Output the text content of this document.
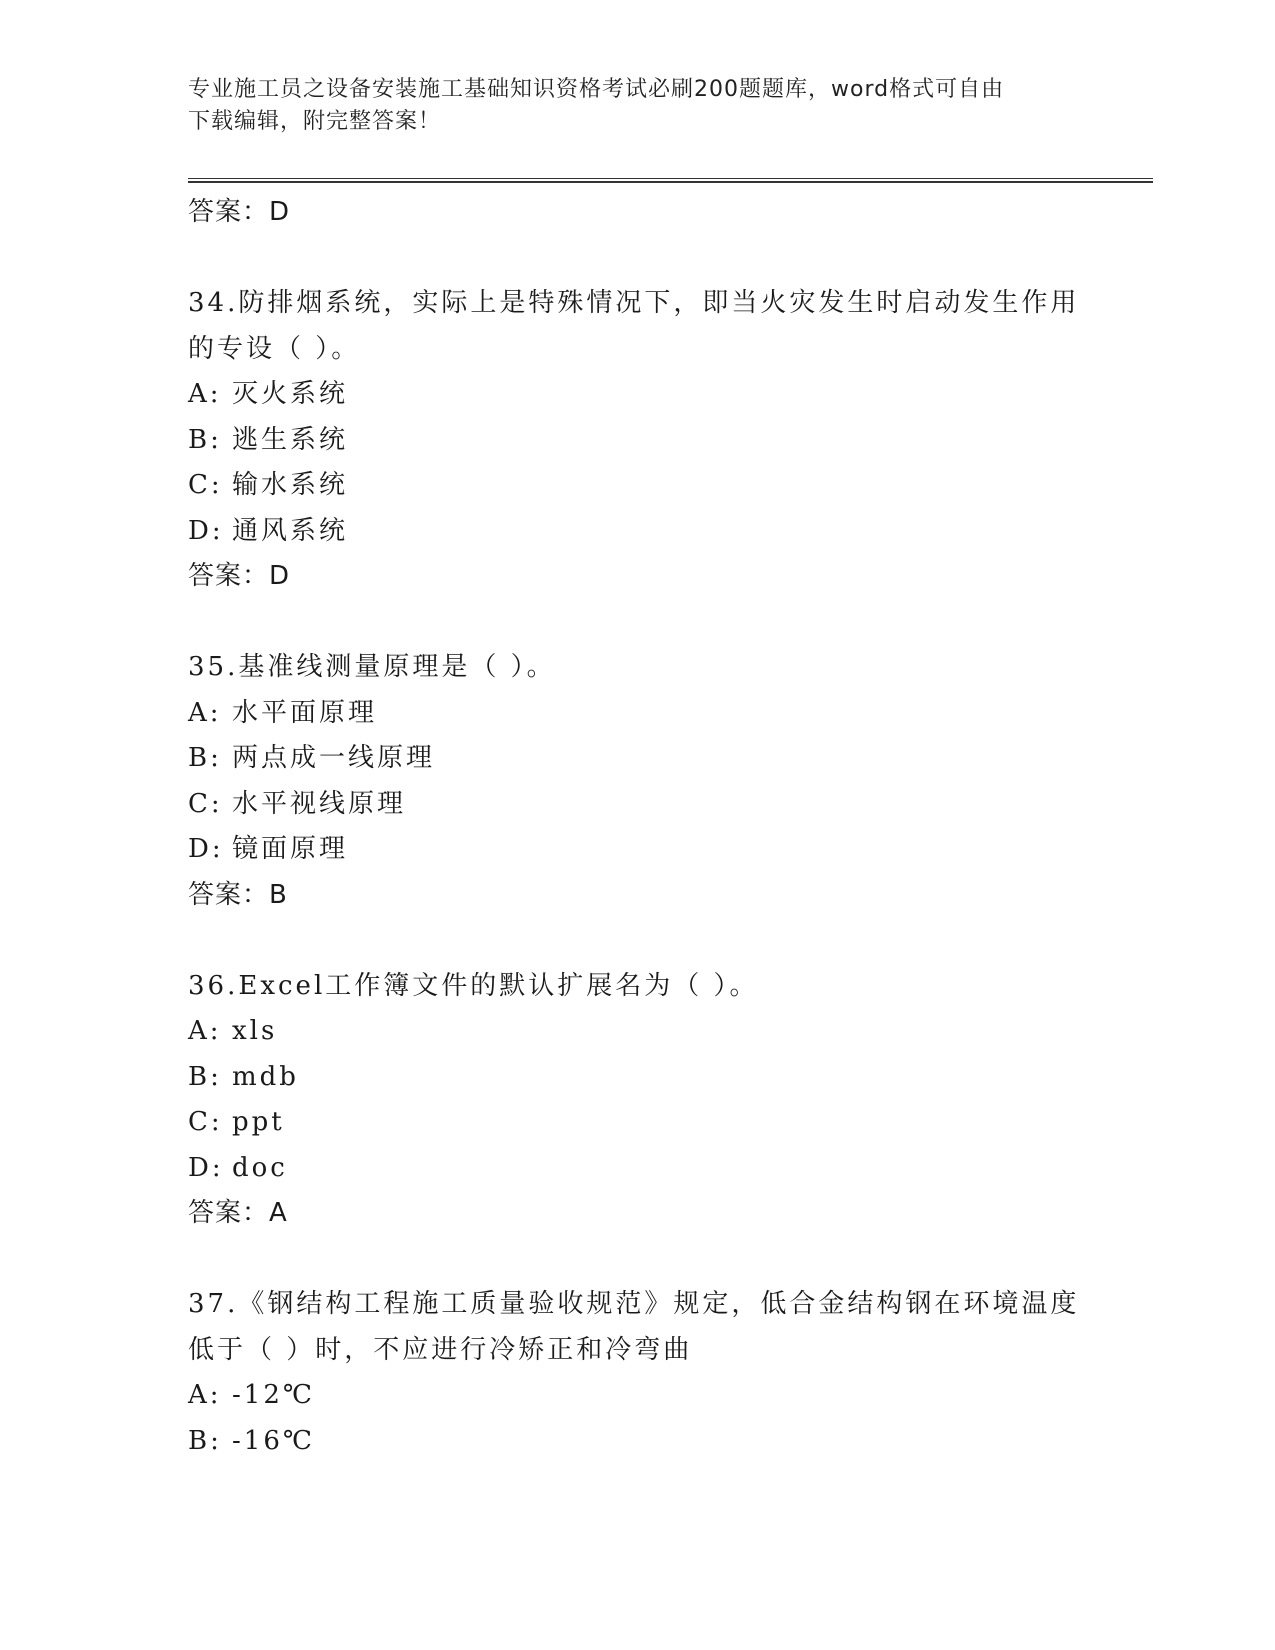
专业施工员之设备安装施工基础知识资格考试必刷200题题库，word格式可自由
下载编辑，附完整答案！
答案：D
34.防排烟系统，实际上是特殊情况下，即当火灾发生时启动发生作用
的专设（ ）。
A: 灭火系统
B: 逃生系统
C: 输水系统
D: 通风系统
答案：D
35.基准线测量原理是（ ）。
A: 水平面原理
B: 两点成一线原理
C: 水平视线原理
D: 镜面原理
答案：B
36.Excel工作簿文件的默认扩展名为（ ）。
A: xls
B: mdb
C: ppt
D: doc
答案：A
37.《钢结构工程施工质量验收规范》规定，低合金结构钢在环境温度
低于（ ）时，不应进行冷矫正和冷弯曲
A: -12℃
B: -16℃
